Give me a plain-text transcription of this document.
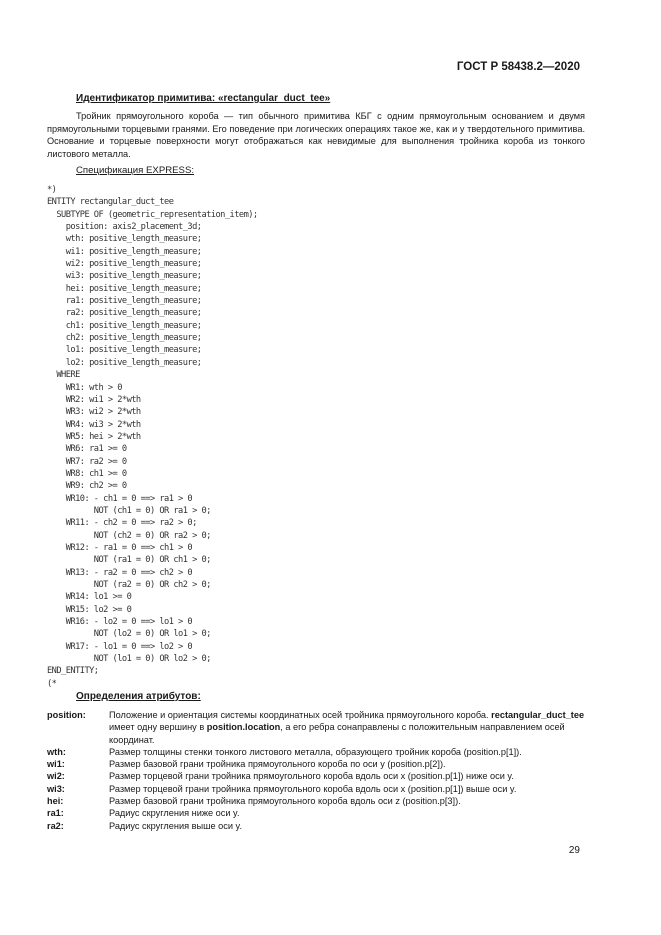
ГОСТ Р 58438.2—2020
Идентификатор примитива: «rectangular_duct_tee»
Тройник прямоугольного короба — тип обычного примитива КБГ с одним прямоугольным основанием и двумя прямоугольными торцевыми гранями. Его поведение при логических операциях такое же, как и у твердотельного примитива. Основание и торцевые поверхности могут отображаться как невидимые для выполнения тройника короба из тонкого листового металла.
Спецификация EXPRESS:
*)
ENTITY rectangular_duct_tee
SUBTYPE OF (geometric_representation_item);
position: axis2_placement_3d;
wth: positive_length_measure;
wi1: positive_length_measure;
wi2: positive_length_measure;
wi3: positive_length_measure;
hei: positive_length_measure;
ra1: positive_length_measure;
ra2: positive_length_measure;
ch1: positive_length_measure;
ch2: positive_length_measure;
lo1: positive_length_measure;
lo2: positive_length_measure;
WHERE
WR1: wth > 0
WR2: wi1 > 2*wth
WR3: wi2 > 2*wth
WR4: wi3 > 2*wth
WR5: hei > 2*wth
WR6: ra1 >= 0
WR7: ra2 >= 0
WR8: ch1 >= 0
WR9: ch2 >= 0
WR10: - ch1 = 0 ==> ra1 > 0
NOT (ch1 = 0) OR ra1 > 0;
WR11: - ch2 = 0 ==> ra2 > 0;
NOT (ch2 = 0) OR ra2 > 0;
WR12: - ra1 = 0 ==> ch1 > 0
NOT (ra1 = 0) OR ch1 > 0;
WR13: - ra2 = 0 ==> ch2 > 0
NOT (ra2 = 0) OR ch2 > 0;
WR14: lo1 >= 0
WR15: lo2 >= 0
WR16: - lo2 = 0 ==> lo1 > 0
NOT (lo2 = 0) OR lo1 > 0;
WR17: - lo1 = 0 ==> lo2 > 0
NOT (lo1 = 0) OR lo2 > 0;
END_ENTITY;
(*

Определения атрибутов:
position:	Положение и ориентация системы координатных осей тройника прямоугольного короба. rectangular_duct_tee имеет одну вершину в position.location, а его ребра сонаправлены с положительным направлением осей координат.
wth:	Размер толщины стенки тонкого листового металла, образующего тройник короба (position.p[1]).
wi1:	Размер базовой грани тройника прямоугольного короба по оси y (position.p[2]).
wi2:	Размер торцевой грани тройника прямоугольного короба вдоль оси x (position.p[1]) ниже оси y.
wi3:	Размер торцевой грани тройника прямоугольного короба вдоль оси x (position.p[1]) выше оси y.
hei:	Размер базовой грани тройника прямоугольного короба вдоль оси z (position.p[3]).
ra1:	Радиус скругления ниже оси y.
ra2:	Радиус скругления выше оси y.
29
